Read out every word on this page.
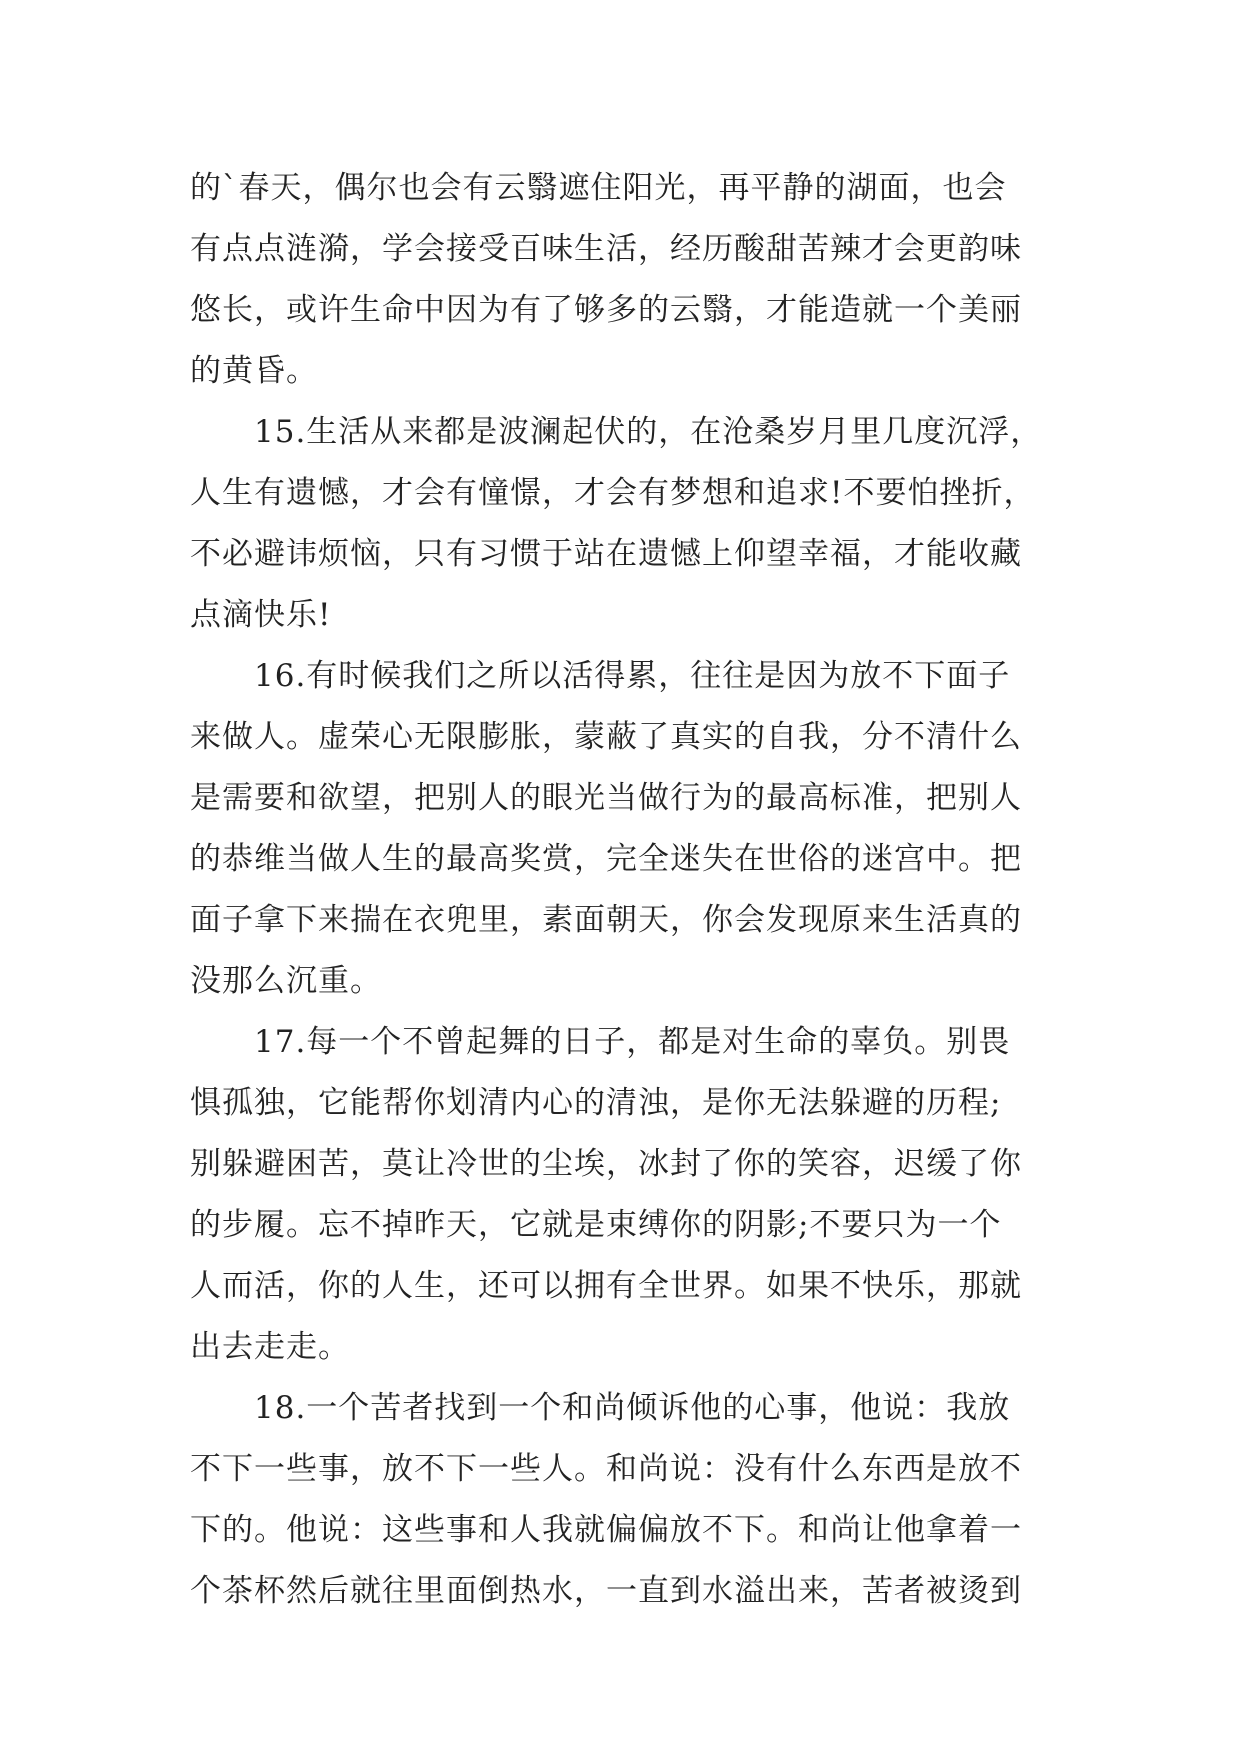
的`春天，偶尔也会有云翳遮住阳光，再平静的湖面，也会
有点点涟漪，学会接受百味生活，经历酸甜苦辣才会更韵味
悠长，或许生命中因为有了够多的云翳，才能造就一个美丽
的黄昏。
15.生活从来都是波澜起伏的，在沧桑岁月里几度沉浮，
人生有遗憾，才会有憧憬，才会有梦想和追求!不要怕挫折，
不必避讳烦恼，只有习惯于站在遗憾上仰望幸福，才能收藏
点滴快乐!
16.有时候我们之所以活得累，往往是因为放不下面子
来做人。虚荣心无限膨胀，蒙蔽了真实的自我，分不清什么
是需要和欲望，把别人的眼光当做行为的最高标准，把别人
的恭维当做人生的最高奖赏，完全迷失在世俗的迷宫中。把
面子拿下来揣在衣兜里，素面朝天，你会发现原来生活真的
没那么沉重。
17.每一个不曾起舞的日子，都是对生命的辜负。别畏
惧孤独，它能帮你划清内心的清浊，是你无法躲避的历程;
别躲避困苦，莫让冷世的尘埃，冰封了你的笑容，迟缓了你
的步履。忘不掉昨天，它就是束缚你的阴影;不要只为一个
人而活，你的人生，还可以拥有全世界。如果不快乐，那就
出去走走。
18.一个苦者找到一个和尚倾诉他的心事，他说：我放
不下一些事，放不下一些人。和尚说：没有什么东西是放不
下的。他说：这些事和人我就偏偏放不下。和尚让他拿着一
个茶杯然后就往里面倒热水，一直到水溢出来，苦者被烫到
